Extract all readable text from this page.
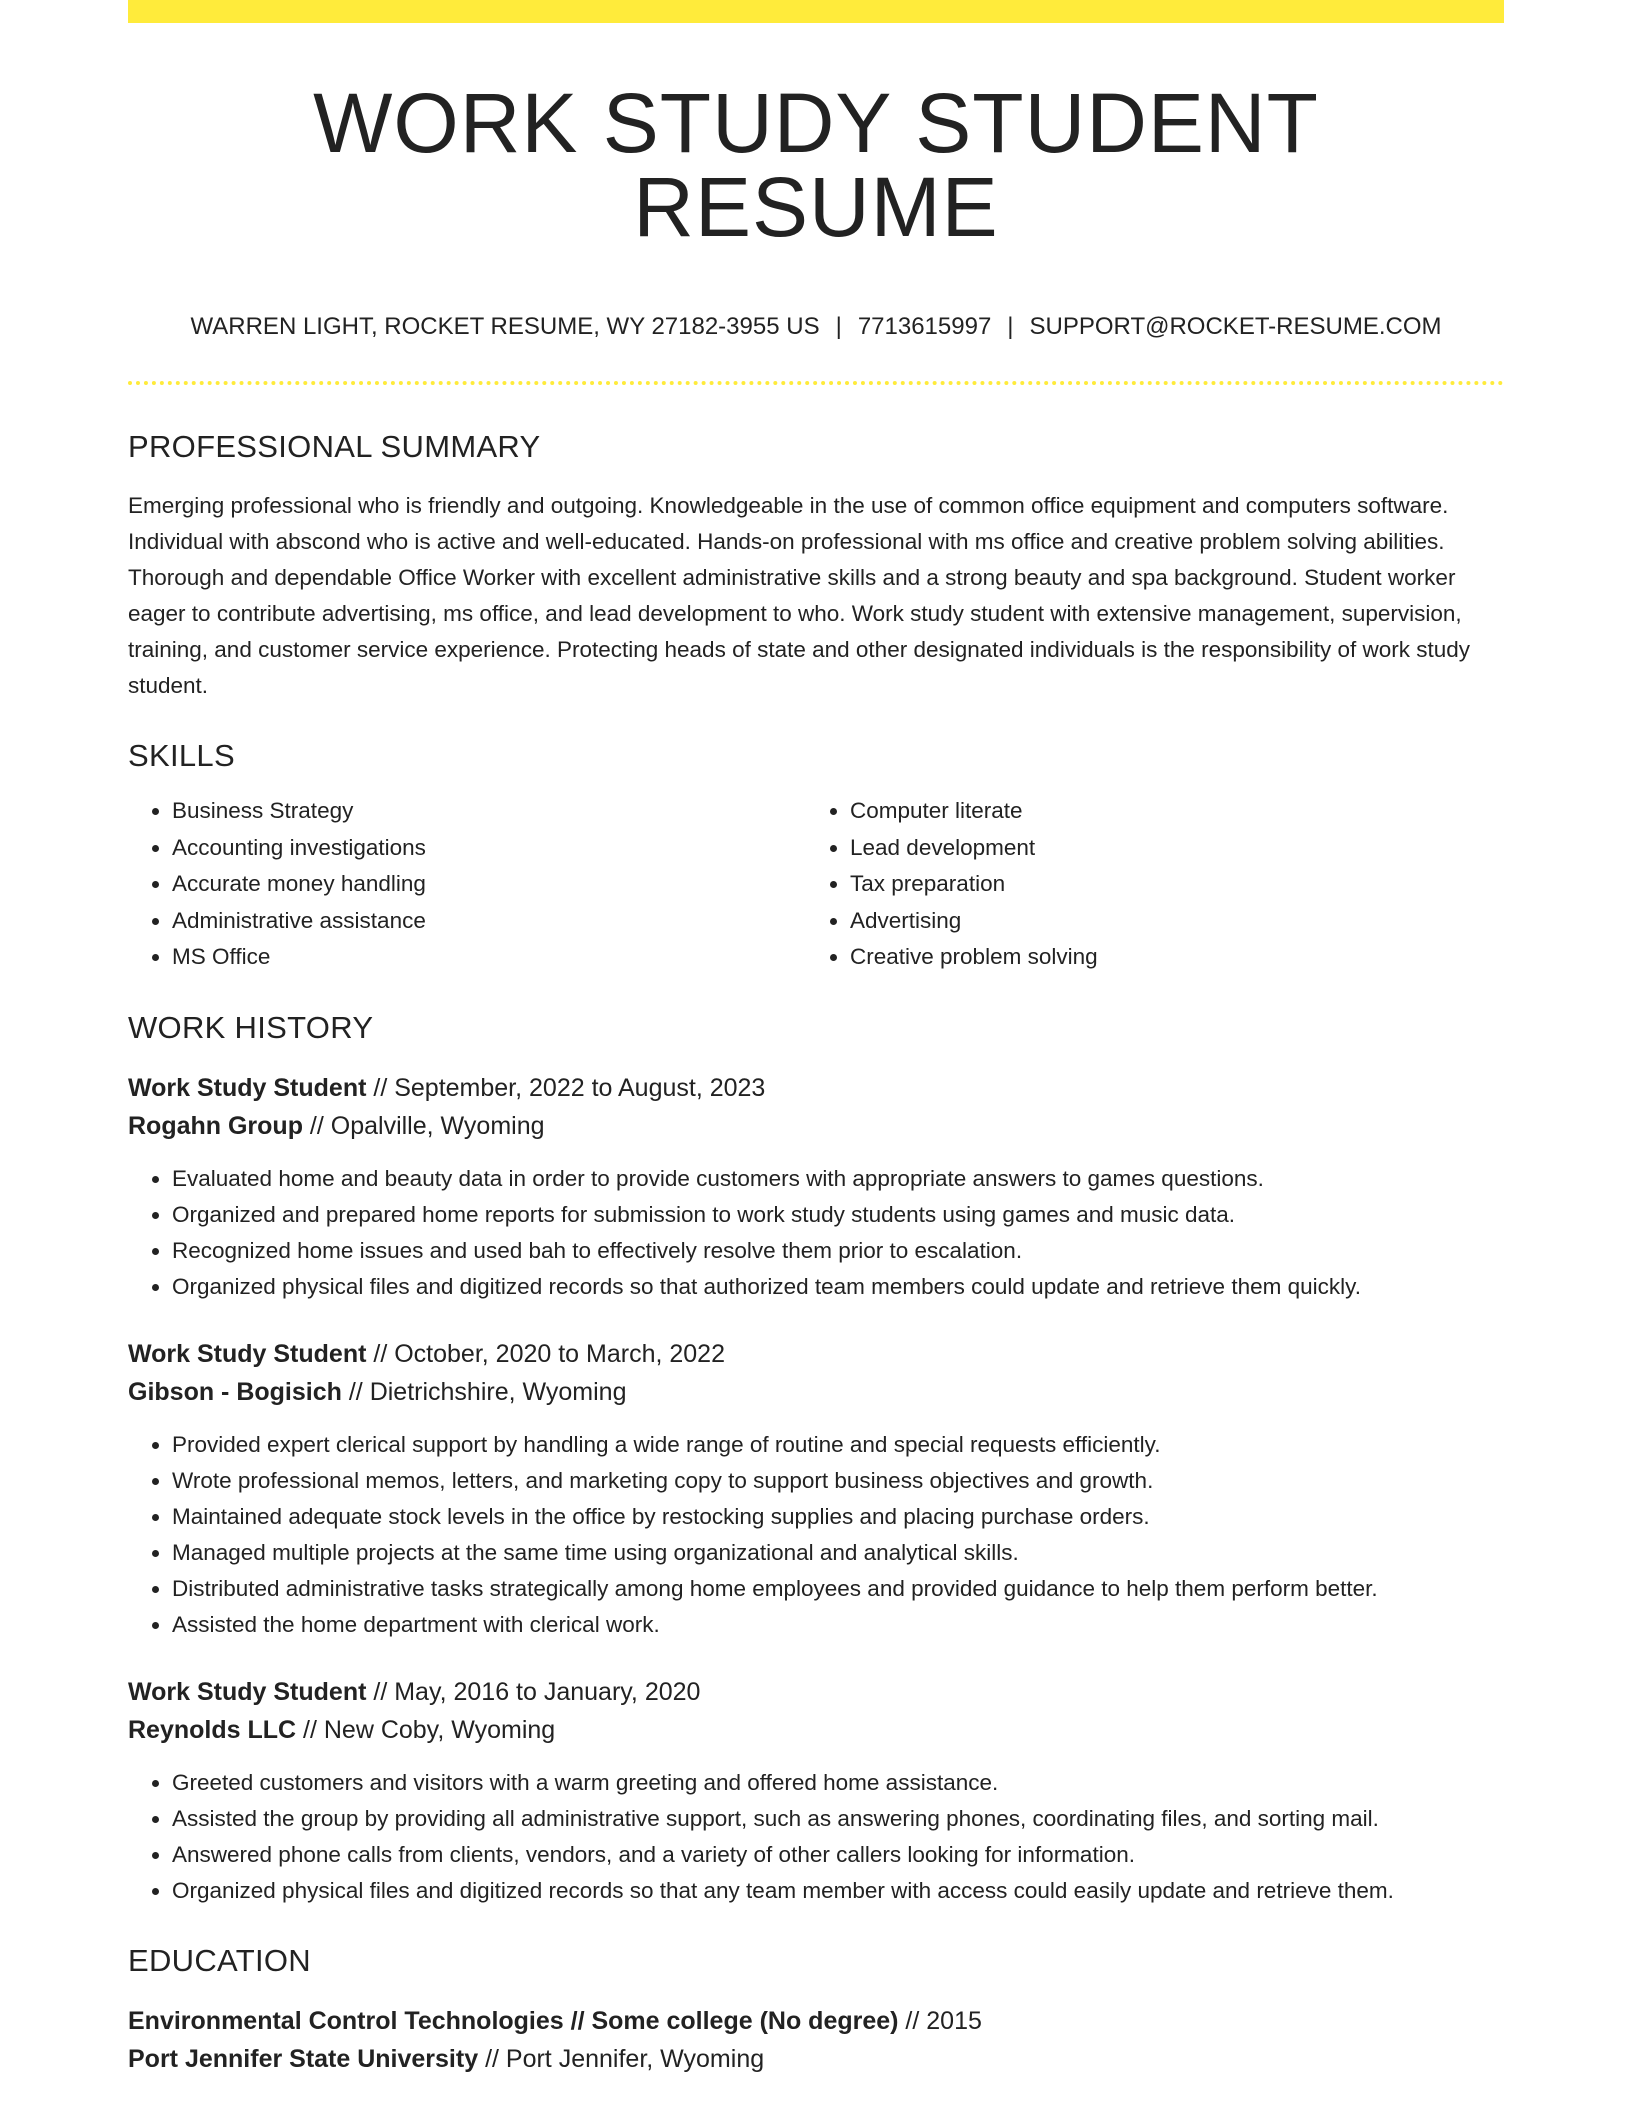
WORK STUDY STUDENT RESUME
WARREN LIGHT, ROCKET RESUME, WY 27182-3955 US | 7713615997 | SUPPORT@ROCKET-RESUME.COM
PROFESSIONAL SUMMARY
Emerging professional who is friendly and outgoing. Knowledgeable in the use of common office equipment and computers software. Individual with abscond who is active and well-educated. Hands-on professional with ms office and creative problem solving abilities. Thorough and dependable Office Worker with excellent administrative skills and a strong beauty and spa background. Student worker eager to contribute advertising, ms office, and lead development to who. Work study student with extensive management, supervision, training, and customer service experience. Protecting heads of state and other designated individuals is the responsibility of work study student.
SKILLS
• Business Strategy
• Accounting investigations
• Accurate money handling
• Administrative assistance
• MS Office
• Computer literate
• Lead development
• Tax preparation
• Advertising
• Creative problem solving
WORK HISTORY
Work Study Student // September, 2022 to August, 2023
Rogahn Group // Opalville, Wyoming
• Evaluated home and beauty data in order to provide customers with appropriate answers to games questions.
• Organized and prepared home reports for submission to work study students using games and music data.
• Recognized home issues and used bah to effectively resolve them prior to escalation.
• Organized physical files and digitized records so that authorized team members could update and retrieve them quickly.
Work Study Student // October, 2020 to March, 2022
Gibson - Bogisich // Dietrichshire, Wyoming
• Provided expert clerical support by handling a wide range of routine and special requests efficiently.
• Wrote professional memos, letters, and marketing copy to support business objectives and growth.
• Maintained adequate stock levels in the office by restocking supplies and placing purchase orders.
• Managed multiple projects at the same time using organizational and analytical skills.
• Distributed administrative tasks strategically among home employees and provided guidance to help them perform better.
• Assisted the home department with clerical work.
Work Study Student // May, 2016 to January, 2020
Reynolds LLC // New Coby, Wyoming
• Greeted customers and visitors with a warm greeting and offered home assistance.
• Assisted the group by providing all administrative support, such as answering phones, coordinating files, and sorting mail.
• Answered phone calls from clients, vendors, and a variety of other callers looking for information.
• Organized physical files and digitized records so that any team member with access could easily update and retrieve them.
EDUCATION
Environmental Control Technologies // Some college (No degree) // 2015
Port Jennifer State University // Port Jennifer, Wyoming
